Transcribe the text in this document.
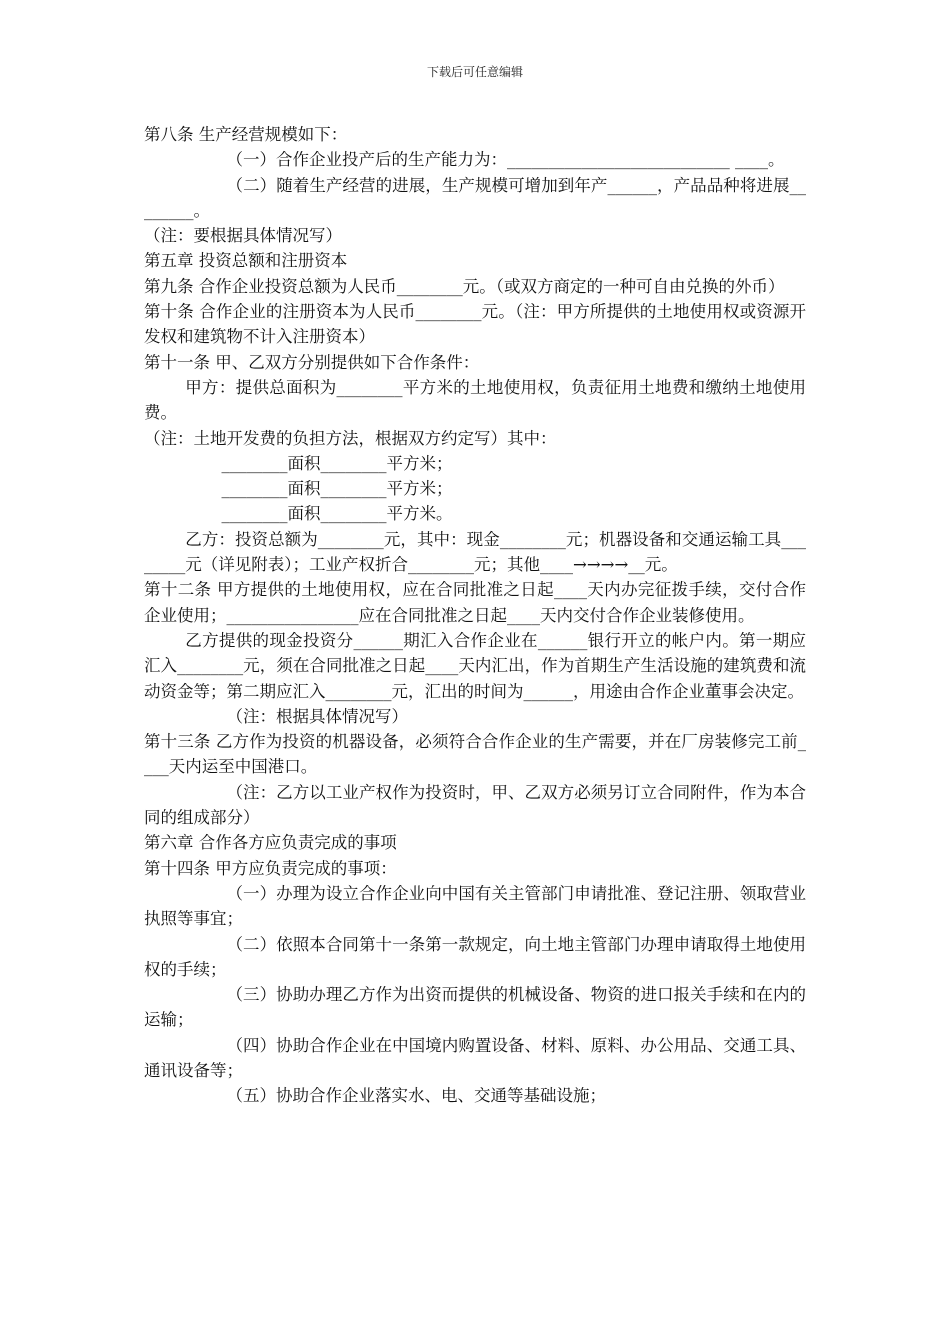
下载后可任意编辑

第八条 生产经营规模如下：

（一）合作企业投产后的生产能力为：___________________________ ____。

（二）随着生产经营的进展，生产规模可增加到年产______，产品品种将进展________。

（注：要根据具体情况写）

第五章 投资总额和注册资本

第九条 合作企业投资总额为人民币________元。（或双方商定的一种可自由兑换的外币）

第十条 合作企业的注册资本为人民币________元。（注：甲方所提供的土地使用权或资源开发权和建筑物不计入注册资本）

第十一条 甲、乙双方分别提供如下合作条件：

甲方：提供总面积为________平方米的土地使用权，负责征用土地费和缴纳土地使用费。

（注：土地开发费的负担方法，根据双方约定写）其中：

________面积________平方米；

________面积________平方米；

________面积________平方米。

乙方：投资总额为________元，其中：现金________元；机器设备和交通运输工具________元（详见附表）；工业产权折合________元；其他____→→→→__元。

第十二条 甲方提供的土地使用权，应在合同批准之日起____天内办完征拨手续，交付合作企业使用；________________应在合同批准之日起____天内交付合作企业装修使用。

乙方提供的现金投资分______期汇入合作企业在______银行开立的帐户内。第一期应汇入________元，须在合同批准之日起____天内汇出，作为首期生产生活设施的建筑费和流动资金等；第二期应汇入________元，汇出的时间为______，用途由合作企业董事会决定。

（注：根据具体情况写）

第十三条 乙方作为投资的机器设备，必须符合合作企业的生产需要，并在厂房装修完工前____天内运至中国港口。

（注：乙方以工业产权作为投资时，甲、乙双方必须另订立合同附件，作为本合同的组成部分）

第六章 合作各方应负责完成的事项

第十四条 甲方应负责完成的事项：

（一）办理为设立合作企业向中国有关主管部门申请批准、登记注册、领取营业执照等事宜；

（二）依照本合同第十一条第一款规定，向土地主管部门办理申请取得土地使用权的手续；

（三）协助办理乙方作为出资而提供的机械设备、物资的进口报关手续和在内的运输；

（四）协助合作企业在中国境内购置设备、材料、原料、办公用品、交通工具、通讯设备等；

（五）协助合作企业落实水、电、交通等基础设施；
